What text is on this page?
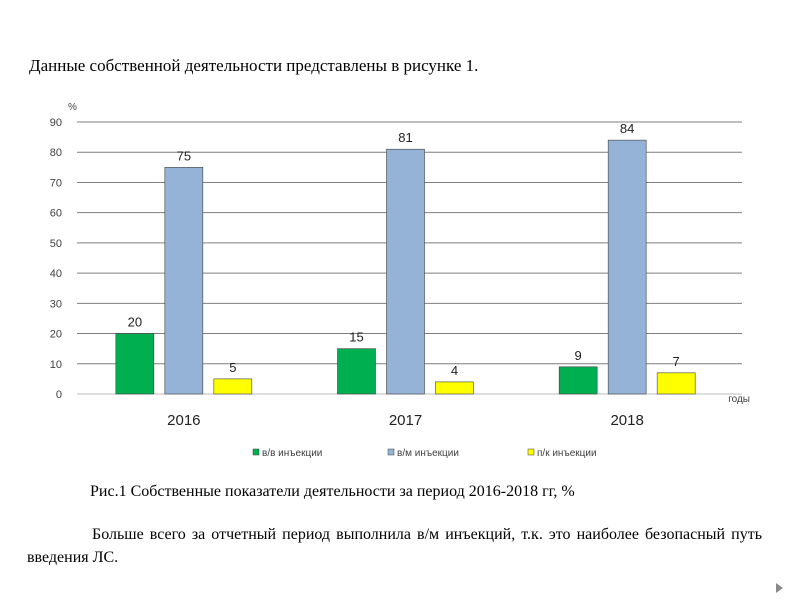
Данные собственной деятельности представлены в рисунке 1.
0
10
20
30
40
50
60
70
80
90
20
75
5
15
81
4
9
84
7
2016	2017	2018
в/в инъекции	в/м инъекции	п/к инъекции
%
годы
Рис.1 Собственные показатели деятельности за период 2016-2018 гг, %
Больше всего за отчетный период выполнила в/м инъекций, т.к. это наиболее безопасный путь введения ЛС.
